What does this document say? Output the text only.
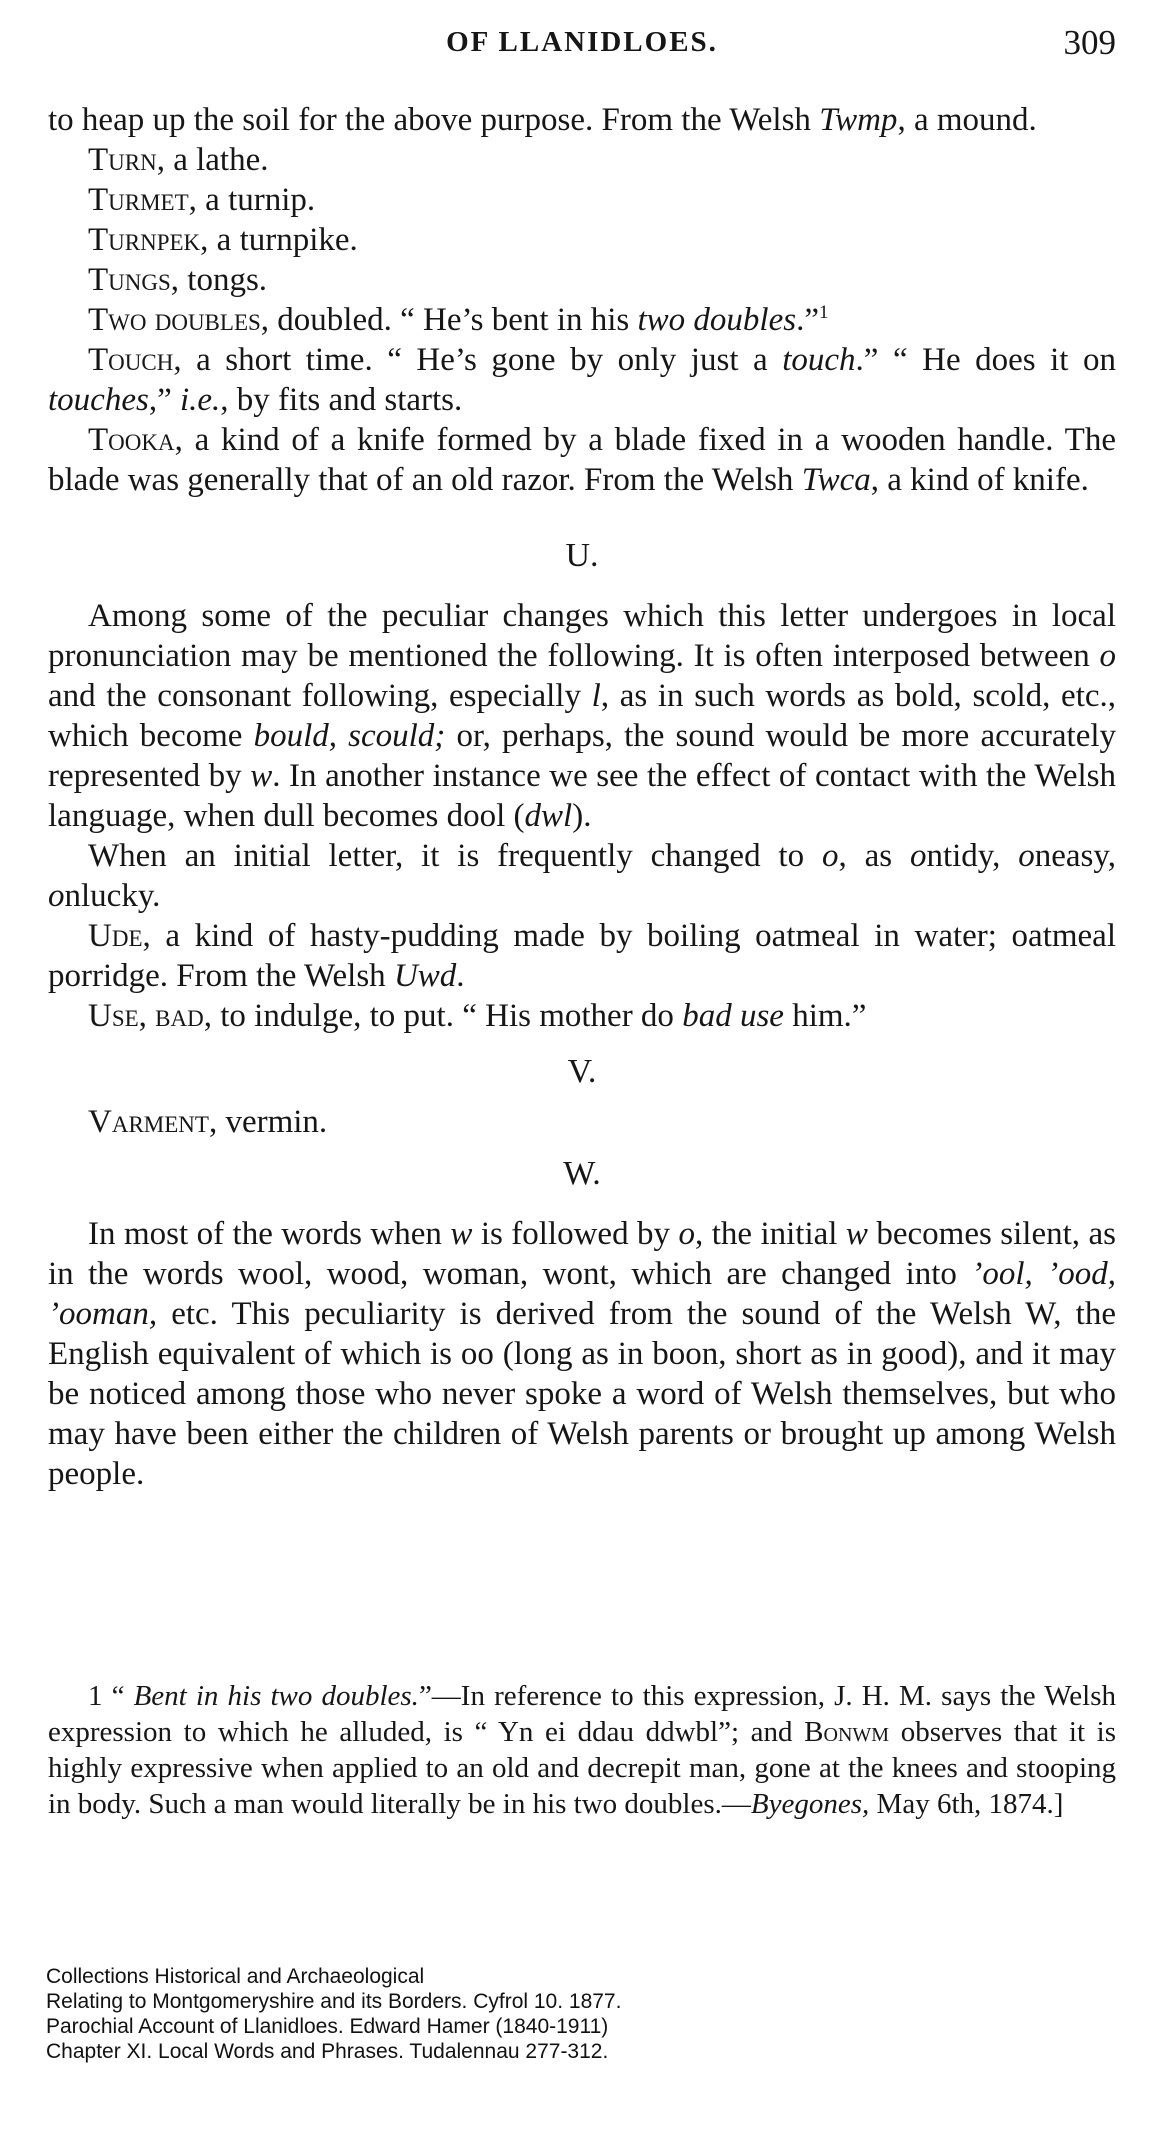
OF LLANIDLOES.	309

to heap up the soil for the above purpose. From the Welsh Twmp, a mound.

Turn, a lathe.

Turmet, a turnip.

Turnpek, a turnpike.

Tungs, tongs.

Two doubles, doubled. “ He’s bent in his two doubles.”$^1$

Touch, a short time. “ He’s gone by only just a touch.” “ He does it on touches,” i.e., by fits and starts.

Tooka, a kind of a knife formed by a blade fixed in a wooden handle. The blade was generally that of an old razor. From the Welsh Twca, a kind of knife.

U.

Among some of the peculiar changes which this letter undergoes in local pronunciation may be mentioned the following. It is often interposed between o and the consonant following, especially l, as in such words as bold, scold, etc., which become bould, scould; or, perhaps, the sound would be more accurately represented by w. In another instance we see the effect of contact with the Welsh language, when dull becomes dool (dwl).

When an initial letter, it is frequently changed to o, as ontidy, oneasy, onlucky.

Ude, a kind of hasty-pudding made by boiling oatmeal in water; oatmeal porridge. From the Welsh Uwd.

Use, bad, to indulge, to put. “ His mother do bad use him.”

V.

Varment, vermin.

W.

In most of the words when w is followed by o, the initial w becomes silent, as in the words wool, wood, woman, wont, which are changed into ’ool, ’ood, ’ooman, etc. This peculiarity is derived from the sound of the Welsh W, the English equivalent of which is oo (long as in boon, short as in good), and it may be noticed among those who never spoke a word of Welsh themselves, but who may have been either the children of Welsh parents or brought up among Welsh people.

1 “ Bent in his two doubles.”—In reference to this expression, J. H. M. says the Welsh expression to which he alluded, is “ Yn ei ddau ddwbl”; and Bonwm observes that it is highly expressive when applied to an old and decrepit man, gone at the knees and stooping in body. Such a man would literally be in his two doubles.—Byegones, May 6th, 1874.]

Collections Historical and Archaeological
Relating to Montgomeryshire and its Borders. Cyfrol 10. 1877.
Parochial Account of Llanidloes. Edward Hamer (1840-1911)
Chapter XI. Local Words and Phrases. Tudalennau 277-312.
